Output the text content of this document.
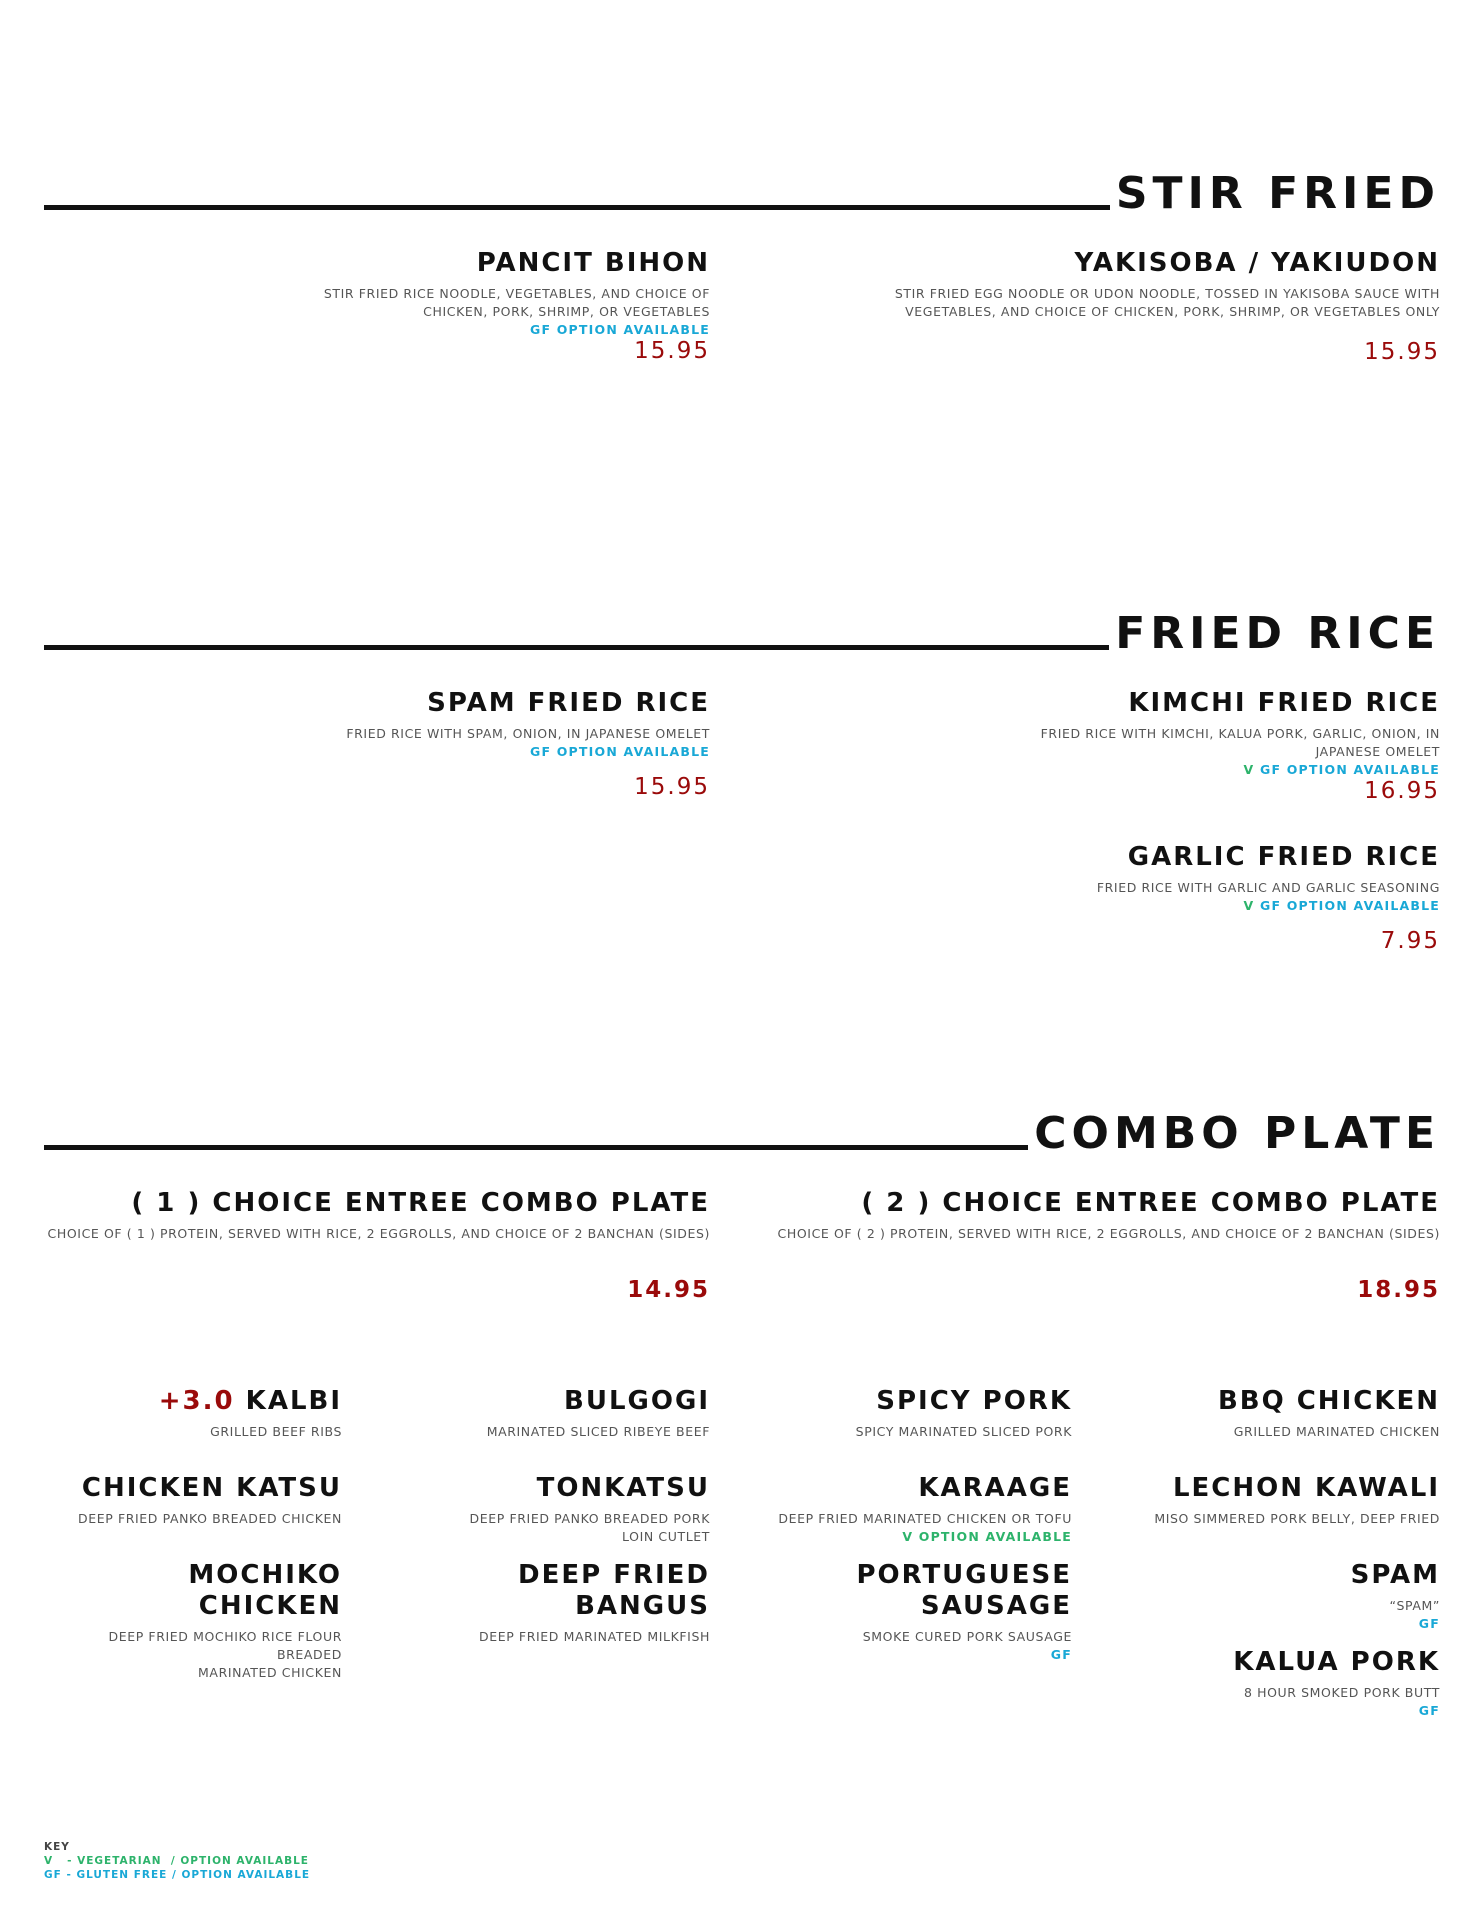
STIR FRIED
PANCIT BIHON
STIR FRIED RICE NOODLE, VEGETABLES, AND CHOICE OF
CHICKEN, PORK, SHRIMP, OR VEGETABLES
GF OPTION AVAILABLE
15.95
YAKISOBA / YAKIUDON
STIR FRIED EGG NOODLE OR UDON NOODLE, TOSSED IN YAKISOBA SAUCE WITH
VEGETABLES, AND CHOICE OF CHICKEN, PORK, SHRIMP, OR VEGETABLES ONLY
15.95
FRIED RICE
SPAM FRIED RICE
FRIED RICE WITH SPAM, ONION, IN JAPANESE OMELET
GF OPTION AVAILABLE
15.95
KIMCHI FRIED RICE
FRIED RICE WITH KIMCHI, KALUA PORK, GARLIC, ONION, IN
JAPANESE OMELET
V GF OPTION AVAILABLE
16.95
GARLIC FRIED RICE
FRIED RICE WITH GARLIC AND GARLIC SEASONING
V GF OPTION AVAILABLE
7.95
COMBO PLATE
( 1 ) CHOICE ENTREE COMBO PLATE
CHOICE OF ( 1 ) PROTEIN, SERVED WITH RICE, 2 EGGROLLS, AND CHOICE OF 2 BANCHAN (SIDES)
14.95
( 2 ) CHOICE ENTREE COMBO PLATE
CHOICE OF ( 2 ) PROTEIN, SERVED WITH RICE, 2 EGGROLLS, AND CHOICE OF 2 BANCHAN (SIDES)
18.95
+3.0 KALBI
GRILLED BEEF RIBS
BULGOGI
MARINATED SLICED RIBEYE BEEF
SPICY PORK
SPICY MARINATED SLICED PORK
BBQ CHICKEN
GRILLED MARINATED CHICKEN
CHICKEN KATSU
DEEP FRIED PANKO BREADED CHICKEN
TONKATSU
DEEP FRIED PANKO BREADED PORK
LOIN CUTLET
KARAAGE
DEEP FRIED MARINATED CHICKEN OR TOFU
V OPTION AVAILABLE
LECHON KAWALI
MISO SIMMERED PORK BELLY, DEEP FRIED
MOCHIKO CHICKEN
DEEP FRIED MOCHIKO RICE FLOUR BREADED
MARINATED CHICKEN
DEEP FRIED BANGUS
DEEP FRIED MARINATED MILKFISH
PORTUGUESE SAUSAGE
SMOKE CURED PORK SAUSAGE
GF
SPAM
“SPAM”
GF
KALUA PORK
8 HOUR SMOKED PORK BUTT
GF
KEY
V   - VEGETARIAN  / OPTION AVAILABLE
GF - GLUTEN FREE / OPTION AVAILABLE
